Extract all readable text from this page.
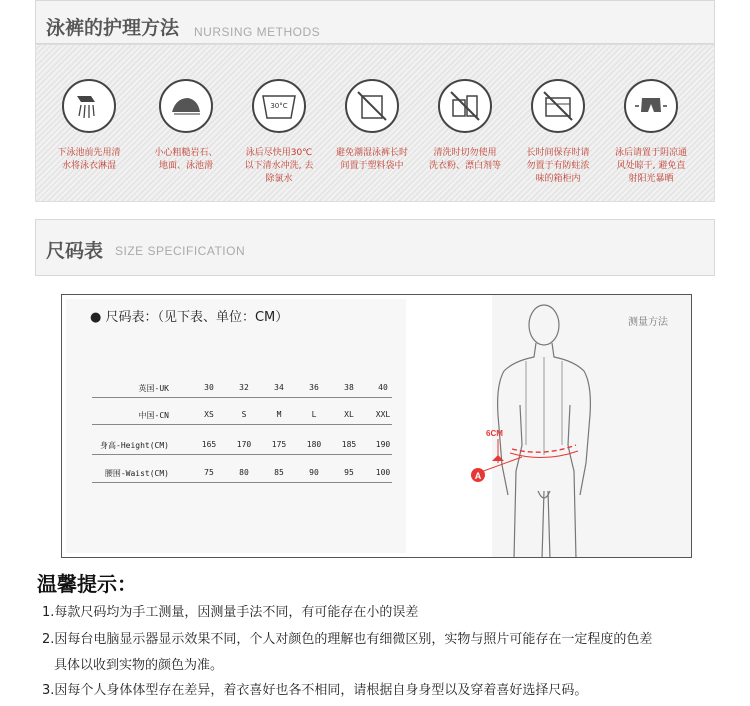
泳裤的护理方法 NURSING METHODS
下泳池前先用清
水将泳衣淋湿
小心粗糙岩石、
地面、泳池滑
30°C
泳后尽快用30℃
以下清水冲洗, 去
除氯水
避免潮湿泳裤长时
间置于塑料袋中
清洗时切勿使用
洗衣粉、漂白剂等
长时间保存时请
勿置于有防蛀浓
味的箱柜内
泳后请置于阴凉通
风处晾干, 避免直
射阳光暴晒
尺码表 SIZE SPECIFICATION
● 尺码表：（见下表、单位：CM）
英国-UK	30	32	34	36	38	40
中国-CN	XS	S	M	L	XL	XXL
身高-Height(CM)	165	170	175	180	185	190
腰围-Waist(CM)	75	80	85	90	95	100	A
6CM
测量方法
温馨提示：
1.每款尺码均为手工测量，因测量手法不同，有可能存在小的误差
2.因每台电脑显示器显示效果不同，个人对颜色的理解也有细微区别，实物与照片可能存在一定程度的色差
具体以收到实物的颜色为准。
3.因每个人身体体型存在差异，着衣喜好也各不相同，请根据自身身型以及穿着喜好选择尺码。
